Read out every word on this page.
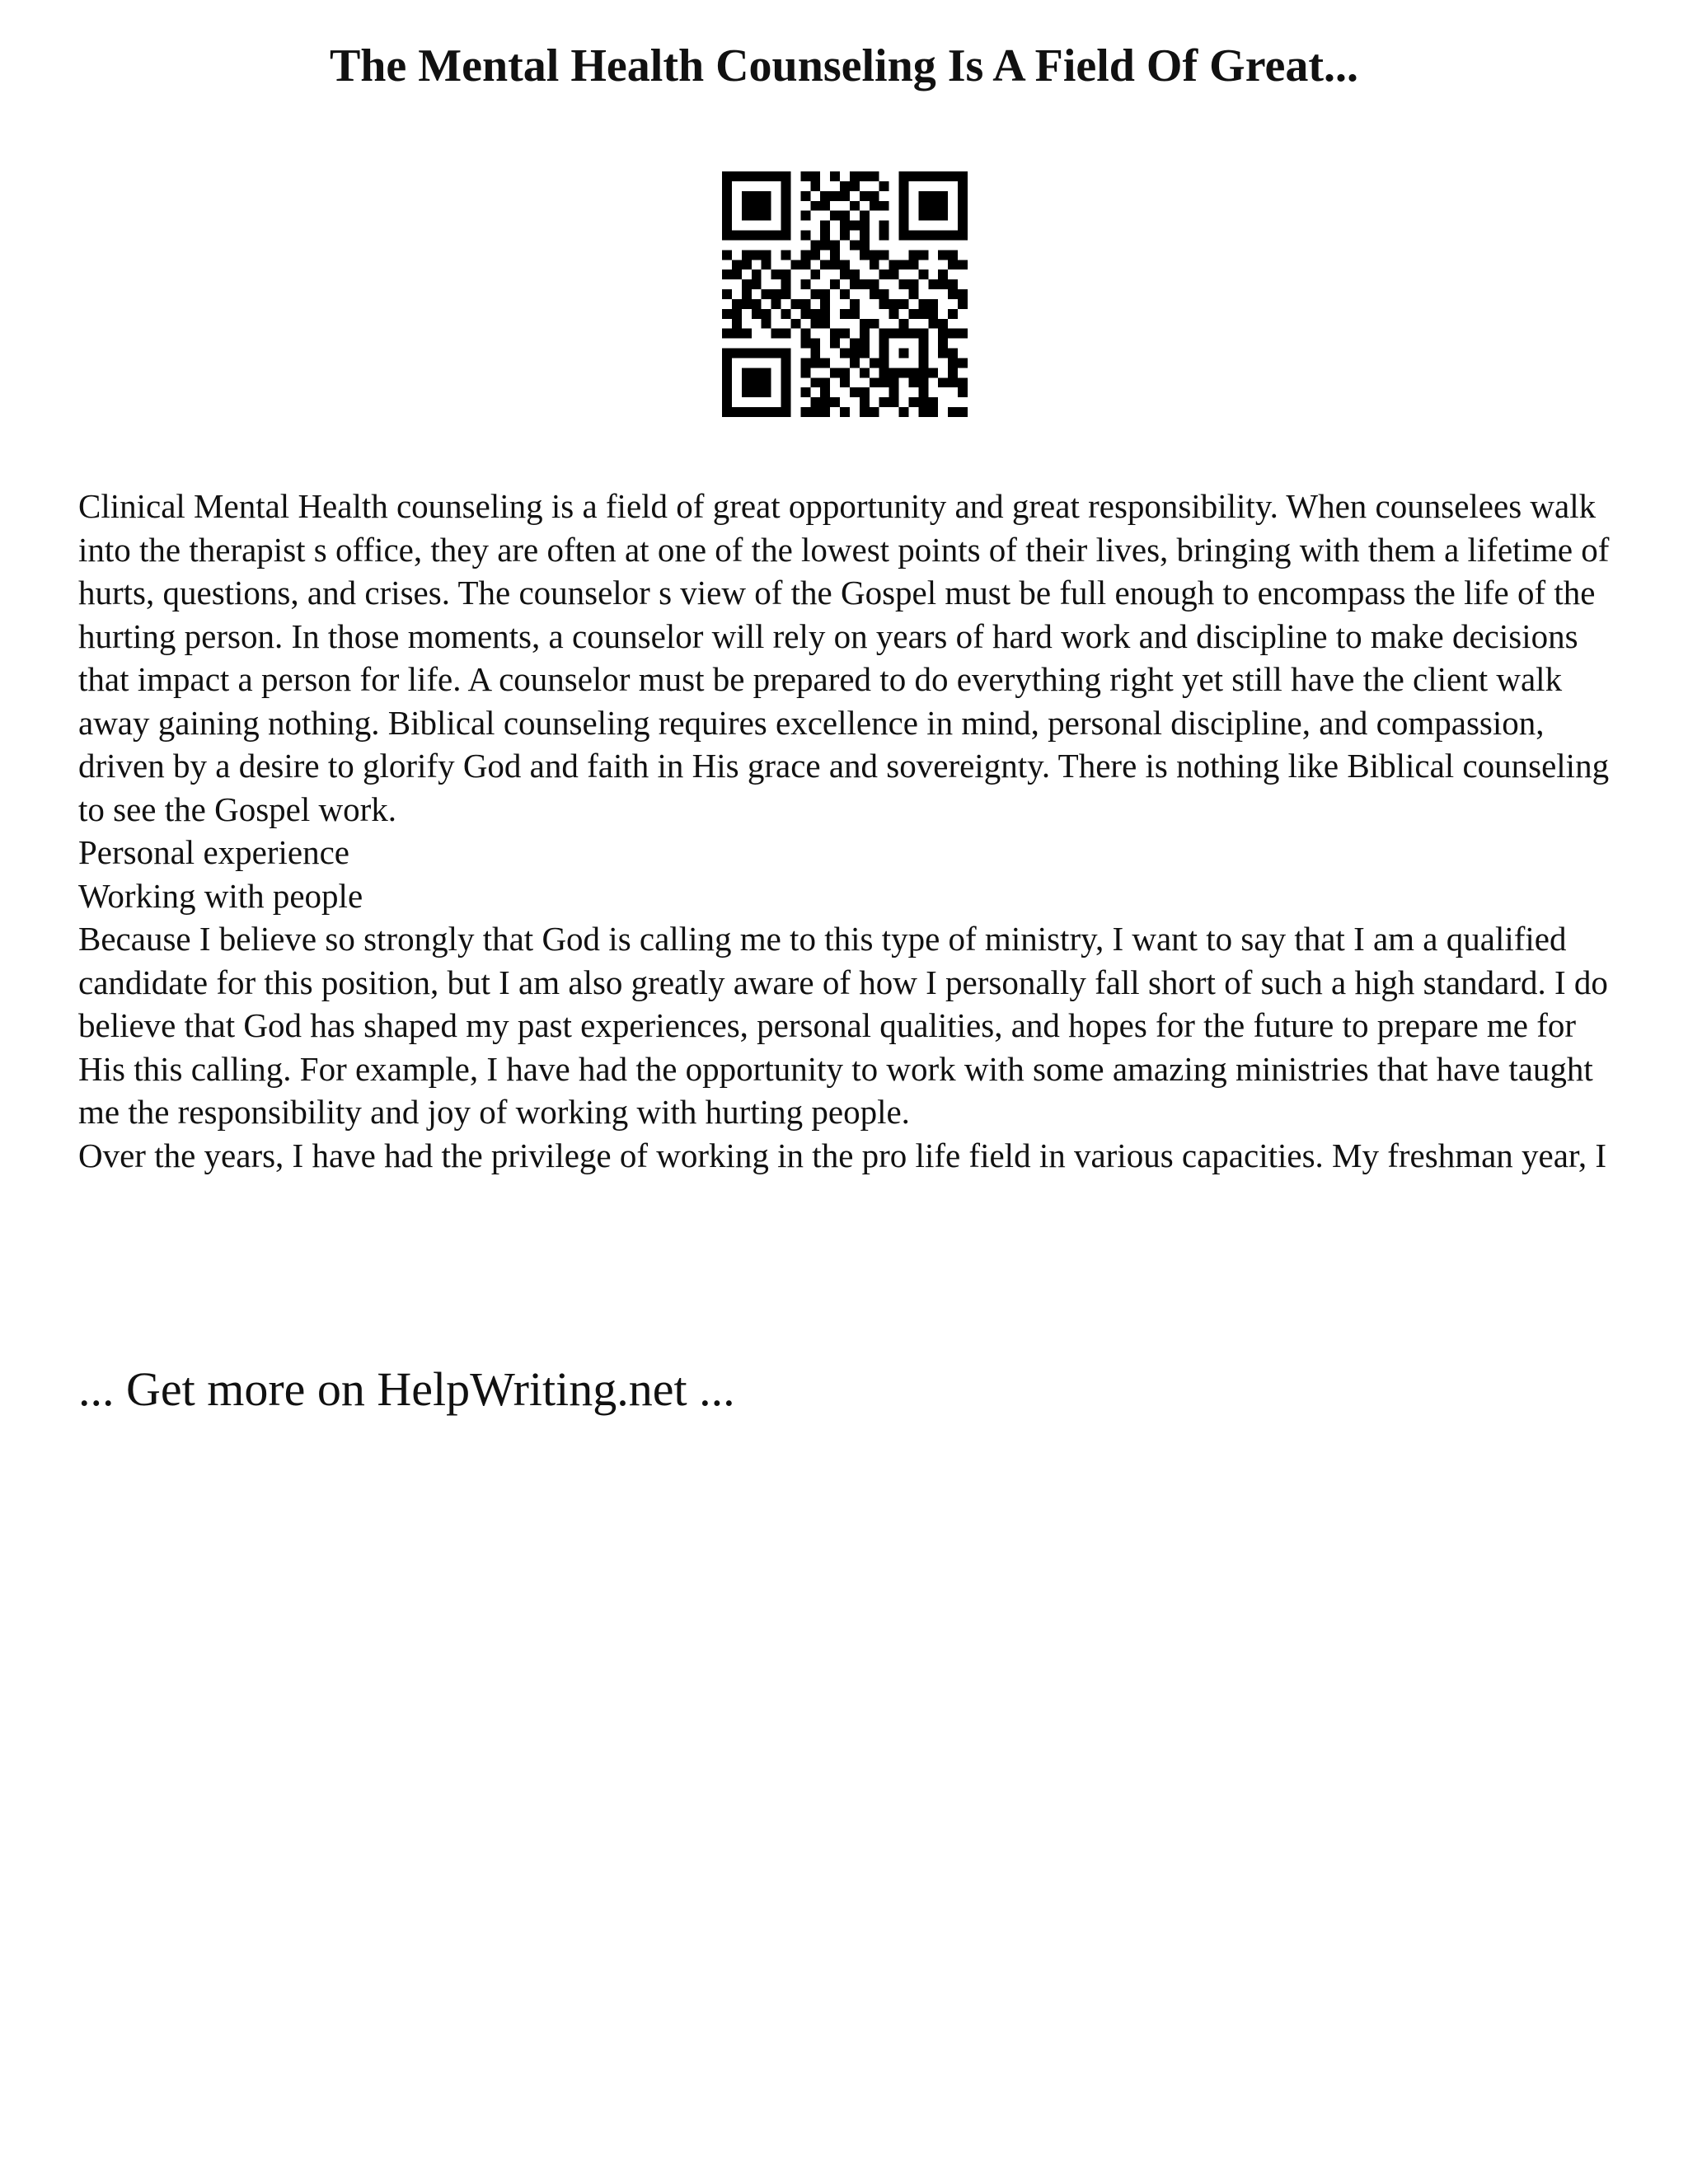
The Mental Health Counseling Is A Field Of Great...

Clinical Mental Health counseling is a field of great opportunity and great responsibility. When counselees walk into the therapist s office, they are often at one of the lowest points of their lives, bringing with them a lifetime of hurts, questions, and crises. The counselor s view of the Gospel must be full enough to encompass the life of the hurting person. In those moments, a counselor will rely on years of hard work and discipline to make decisions that impact a person for life. A counselor must be prepared to do everything right yet still have the client walk away gaining nothing. Biblical counseling requires excellence in mind, personal discipline, and compassion, driven by a desire to glorify God and faith in His grace and sovereignty. There is nothing like Biblical counseling to see the Gospel work.

Personal experience

Working with people

Because I believe so strongly that God is calling me to this type of ministry, I want to say that I am a qualified candidate for this position, but I am also greatly aware of how I personally fall short of such a high standard. I do believe that God has shaped my past experiences, personal qualities, and hopes for the future to prepare me for His this calling. For example, I have had the opportunity to work with some amazing ministries that have taught me the responsibility and joy of working with hurting people.

Over the years, I have had the privilege of working in the pro life field in various capacities. My freshman year, I

... Get more on HelpWriting.net ...
